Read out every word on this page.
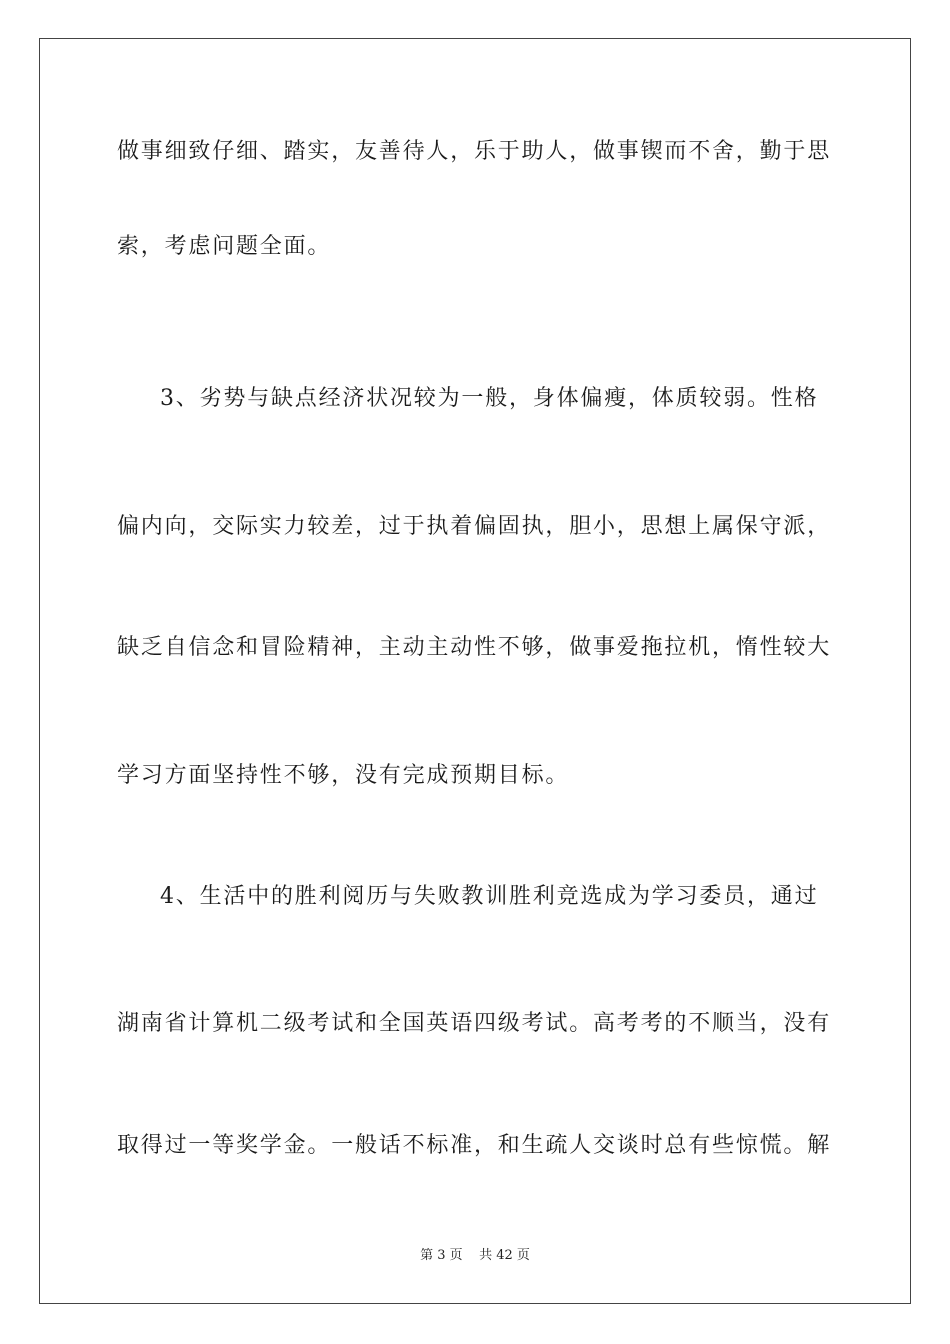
做事细致仔细、踏实，友善待人，乐于助人，做事锲而不舍，勤于思
索，考虑问题全面。
3、劣势与缺点经济状况较为一般，身体偏瘦，体质较弱。性格
偏内向，交际实力较差，过于执着偏固执，胆小，思想上属保守派，
缺乏自信念和冒险精神，主动主动性不够，做事爱拖拉机，惰性较大
学习方面坚持性不够，没有完成预期目标。
4、生活中的胜利阅历与失败教训胜利竞选成为学习委员，通过
湖南省计算机二级考试和全国英语四级考试。高考考的不顺当，没有
取得过一等奖学金。一般话不标准，和生疏人交谈时总有些惊慌。解
第 3 页    共 42 页
